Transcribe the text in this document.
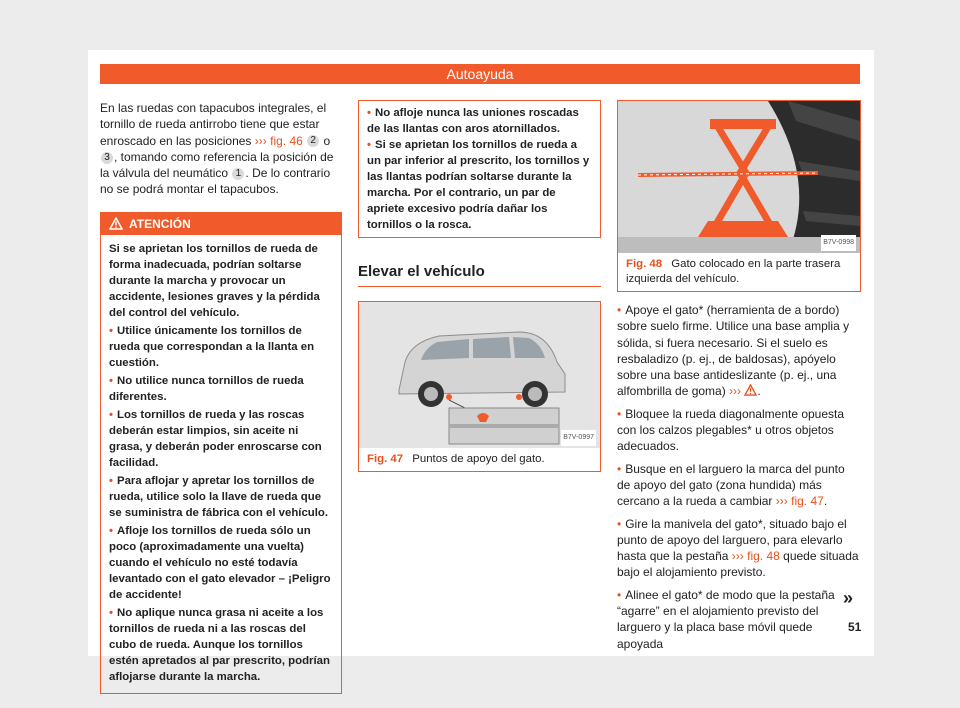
Autoayuda

En las ruedas con tapacubos integrales, el tornillo de rueda antirrobo tiene que estar enroscado en las posiciones ››› fig. 46 2 o 3 , tomando como referencia la posición de la válvula del neumático 1 . De lo contrario no se podrá montar el tapacubos.

ATENCIÓN

Si se aprietan los tornillos de rueda de forma inadecuada, podrían soltarse durante la marcha y provocar un accidente, lesiones graves y la pérdida del control del vehículo.

• Utilice únicamente los tornillos de rueda que correspondan a la llanta en cuestión.

• No utilice nunca tornillos de rueda diferentes.

• Los tornillos de rueda y las roscas deberán estar limpios, sin aceite ni grasa, y deberán poder enroscarse con facilidad.

• Para aflojar y apretar los tornillos de rueda, utilice solo la llave de rueda que se suministra de fábrica con el vehículo.

• Afloje los tornillos de rueda sólo un poco (aproximadamente una vuelta) cuando el vehículo no esté todavía levantado con el gato elevador – ¡Peligro de accidente!

• No aplique nunca grasa ni aceite a los tornillos de rueda ni a las roscas del cubo de rueda. Aunque los tornillos estén apretados al par prescrito, podrían aflojarse durante la marcha.

• No afloje nunca las uniones roscadas de las llantas con aros atornillados.

• Si se aprietan los tornillos de rueda a un par inferior al prescrito, los tornillos y las llantas podrían soltarse durante la marcha. Por el contrario, un par de apriete excesivo podría dañar los tornillos o la rosca.

Elevar el vehículo
B7V-0997
Fig. 47 Puntos de apoyo del gato.
B7V-0998
Fig. 48 Gato colocado en la parte trasera izquierda del vehículo.

• Apoye el gato* (herramienta de a bordo) sobre suelo firme. Utilice una base amplia y sólida, si fuera necesario. Si el suelo es resbaladizo (p. ej., de baldosas), apóyelo sobre una base antideslizante (p. ej., una alfombrilla de goma) ››› .

• Bloquee la rueda diagonalmente opuesta con los calzos plegables* u otros objetos adecuados.

• Busque en el larguero la marca del punto de apoyo del gato (zona hundida) más cercano a la rueda a cambiar ››› fig. 47.

• Gire la manivela del gato*, situado bajo el punto de apoyo del larguero, para elevarlo hasta que la pestaña ››› fig. 48 quede situada bajo el alojamiento previsto.

• Alinee el gato* de modo que la pestaña “agarre” en el alojamiento previsto del larguero y la placa base móvil quede apoyada

»
51
